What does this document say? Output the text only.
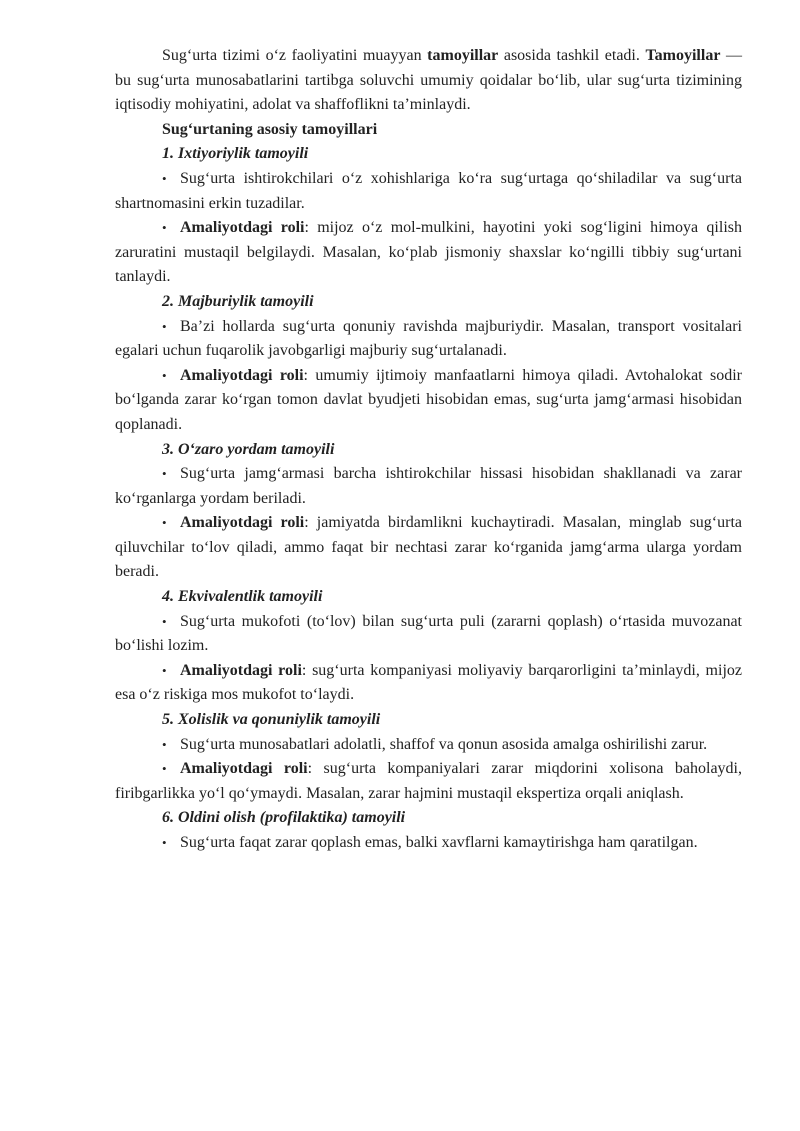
Sug‘urta tizimi o‘z faoliyatini muayyan tamoyillar asosida tashkil etadi. Tamoyillar — bu sug‘urta munosabatlarini tartibga soluvchi umumiy qoidalar bo‘lib, ular sug‘urta tizimining iqtisodiy mohiyatini, adolat va shaffoflikni ta’minlaydi.

Sug‘urtaning asosiy tamoyillari

1. Ixtiyoriylik tamoyili

• Sug‘urta ishtirokchilari o‘z xohishlariga ko‘ra sug‘urtaga qo‘shiladilar va sug‘urta shartnomasini erkin tuzadilar.

• Amaliyotdagi roli: mijoz o‘z mol-mulkini, hayotini yoki sog‘ligini himoya qilish zaruratini mustaqil belgilaydi. Masalan, ko‘plab jismoniy shaxslar ko‘ngilli tibbiy sug‘urtani tanlaydi.

2. Majburiylik tamoyili

• Ba’zi hollarda sug‘urta qonuniy ravishda majburiydir. Masalan, transport vositalari egalari uchun fuqarolik javobgarligi majburiy sug‘urtalanadi.

• Amaliyotdagi roli: umumiy ijtimoiy manfaatlarni himoya qiladi. Avtohalokat sodir bo‘lganda zarar ko‘rgan tomon davlat byudjeti hisobidan emas, sug‘urta jamg‘armasi hisobidan qoplanadi.

3. O‘zaro yordam tamoyili

• Sug‘urta jamg‘armasi barcha ishtirokchilar hissasi hisobidan shakllanadi va zarar ko‘rganlarga yordam beriladi.

• Amaliyotdagi roli: jamiyatda birdamlikni kuchaytiradi. Masalan, minglab sug‘urta qiluvchilar to‘lov qiladi, ammo faqat bir nechtasi zarar ko‘rganida jamg‘arma ularga yordam beradi.

4. Ekvivalentlik tamoyili

• Sug‘urta mukofoti (to‘lov) bilan sug‘urta puli (zararni qoplash) o‘rtasida muvozanat bo‘lishi lozim.

• Amaliyotdagi roli: sug‘urta kompaniyasi moliyaviy barqarorligini ta’minlaydi, mijoz esa o‘z riskiga mos mukofot to‘laydi.

5. Xolislik va qonuniylik tamoyili

• Sug‘urta munosabatlari adolatli, shaffof va qonun asosida amalga oshirilishi zarur.

• Amaliyotdagi roli: sug‘urta kompaniyalari zarar miqdorini xolisona baholaydi, firibgarlikka yo‘l qo‘ymaydi. Masalan, zarar hajmini mustaqil ekspertiza orqali aniqlash.

6. Oldini olish (profilaktika) tamoyili

• Sug‘urta faqat zarar qoplash emas, balki xavflarni kamaytirishga ham qaratilgan.
